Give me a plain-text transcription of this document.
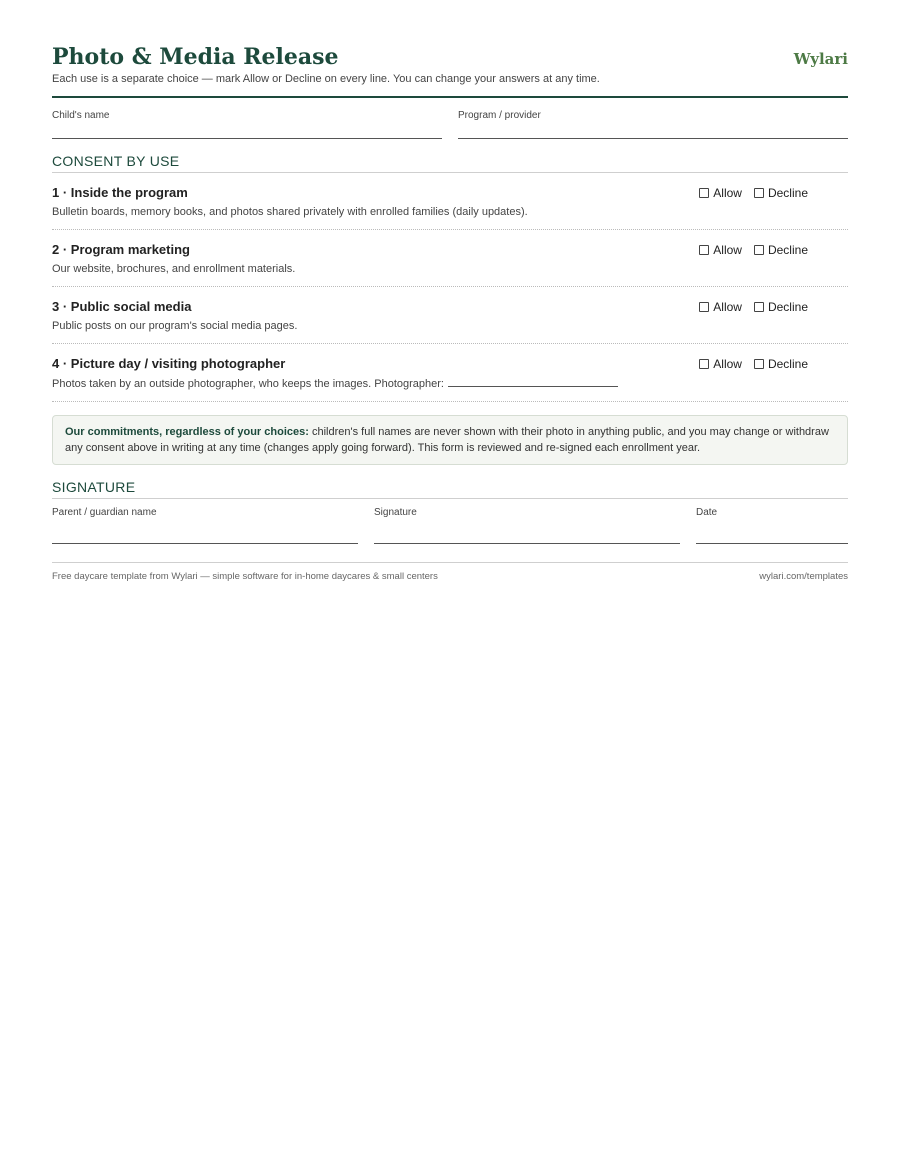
Photo & Media Release
Each use is a separate choice — mark Allow or Decline on every line. You can change your answers at any time.
Wylari
Child's name	Program / provider
CONSENT BY USE
1 · Inside the program
Bulletin boards, memory books, and photos shared privately with enrolled families (daily updates).
Allow Decline
2 · Program marketing
Our website, brochures, and enrollment materials.
Allow Decline
3 · Public social media
Public posts on our program's social media pages.
Allow Decline
4 · Picture day / visiting photographer
Photos taken by an outside photographer, who keeps the images. Photographer:
Allow Decline
Our commitments, regardless of your choices: children's full names are never shown with their photo in anything public, and you may change or withdraw any consent above in writing at any time (changes apply going forward). This form is reviewed and re-signed each enrollment year.
SIGNATURE
Parent / guardian name	Signature	Date
Free daycare template from Wylari — simple software for in-home daycares & small centers	wylari.com/templates
